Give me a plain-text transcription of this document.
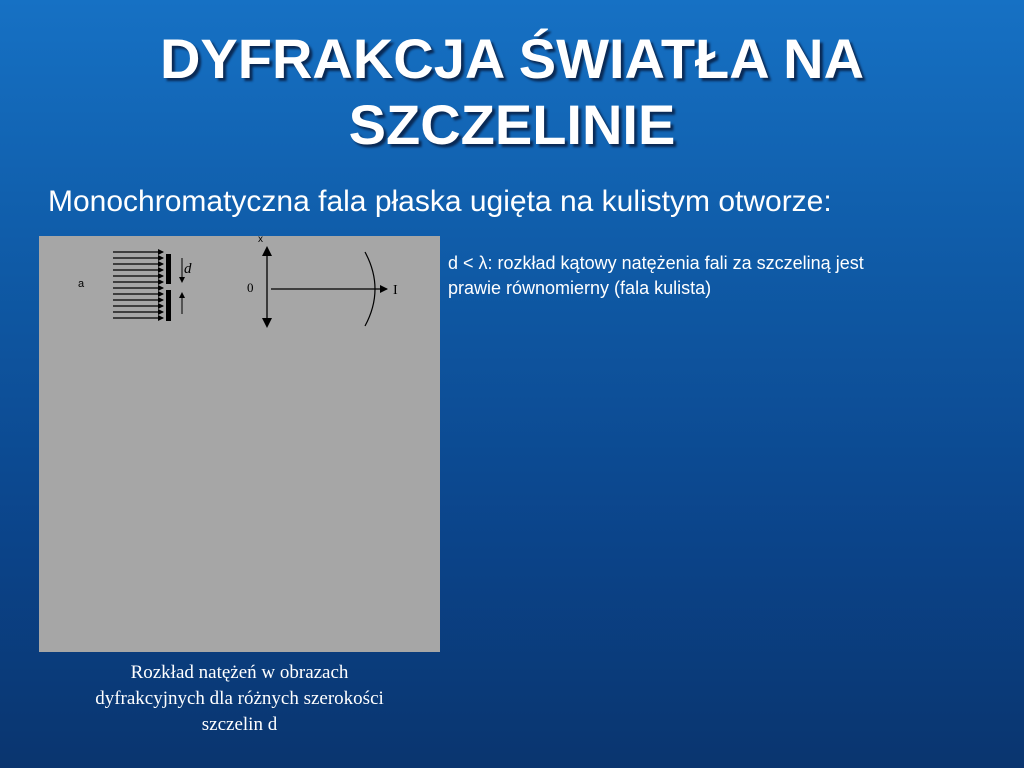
DYFRAKCJA ŚWIATŁA NA
SZCZELINIE
Monochromatyczna fala płaska ugięta na kulistym otworze:
a
d
x
0	I
d < λ: rozkład kątowy natężenia fali za szczeliną jest
prawie równomierny (fala kulista)
Rozkład natężeń w obrazach
dyfrakcyjnych dla różnych szerokości
szczelin d
